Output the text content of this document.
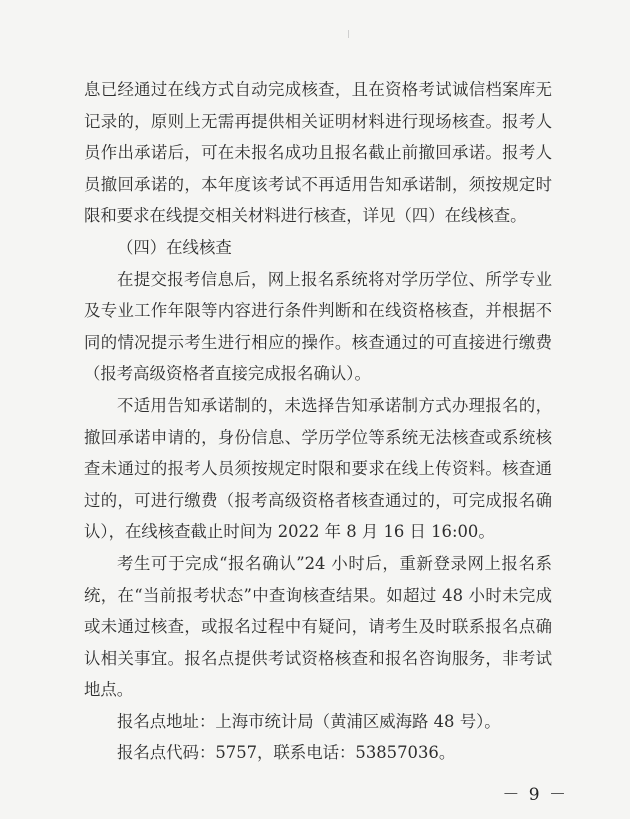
息已经通过在线方式自动完成核查，且在资格考试诚信档案库无
记录的，原则上无需再提供相关证明材料进行现场核查。报考人
员作出承诺后，可在未报名成功且报名截止前撤回承诺。报考人
员撤回承诺的，本年度该考试不再适用告知承诺制，须按规定时
限和要求在线提交相关材料进行核查，详见（四）在线核查。
（四）在线核查
在提交报考信息后，网上报名系统将对学历学位、所学专业
及专业工作年限等内容进行条件判断和在线资格核查，并根据不
同的情况提示考生进行相应的操作。核查通过的可直接进行缴费
（报考高级资格者直接完成报名确认）。
不适用告知承诺制的，未选择告知承诺制方式办理报名的，
撤回承诺申请的，身份信息、学历学位等系统无法核查或系统核
查未通过的报考人员须按规定时限和要求在线上传资料。核查通
过的，可进行缴费（报考高级资格者核查通过的，可完成报名确
认），在线核查截止时间为 2022 年 8 月 16 日 16:00。
考生可于完成“报名确认”24 小时后，重新登录网上报名系
统，在“当前报考状态”中查询核查结果。如超过 48 小时未完成
或未通过核查，或报名过程中有疑问，请考生及时联系报名点确
认相关事宜。报名点提供考试资格核查和报名咨询服务，非考试
地点。
报名点地址：上海市统计局（黄浦区威海路 48 号）。
报名点代码：5757，联系电话：53857036。
－ 9 －
